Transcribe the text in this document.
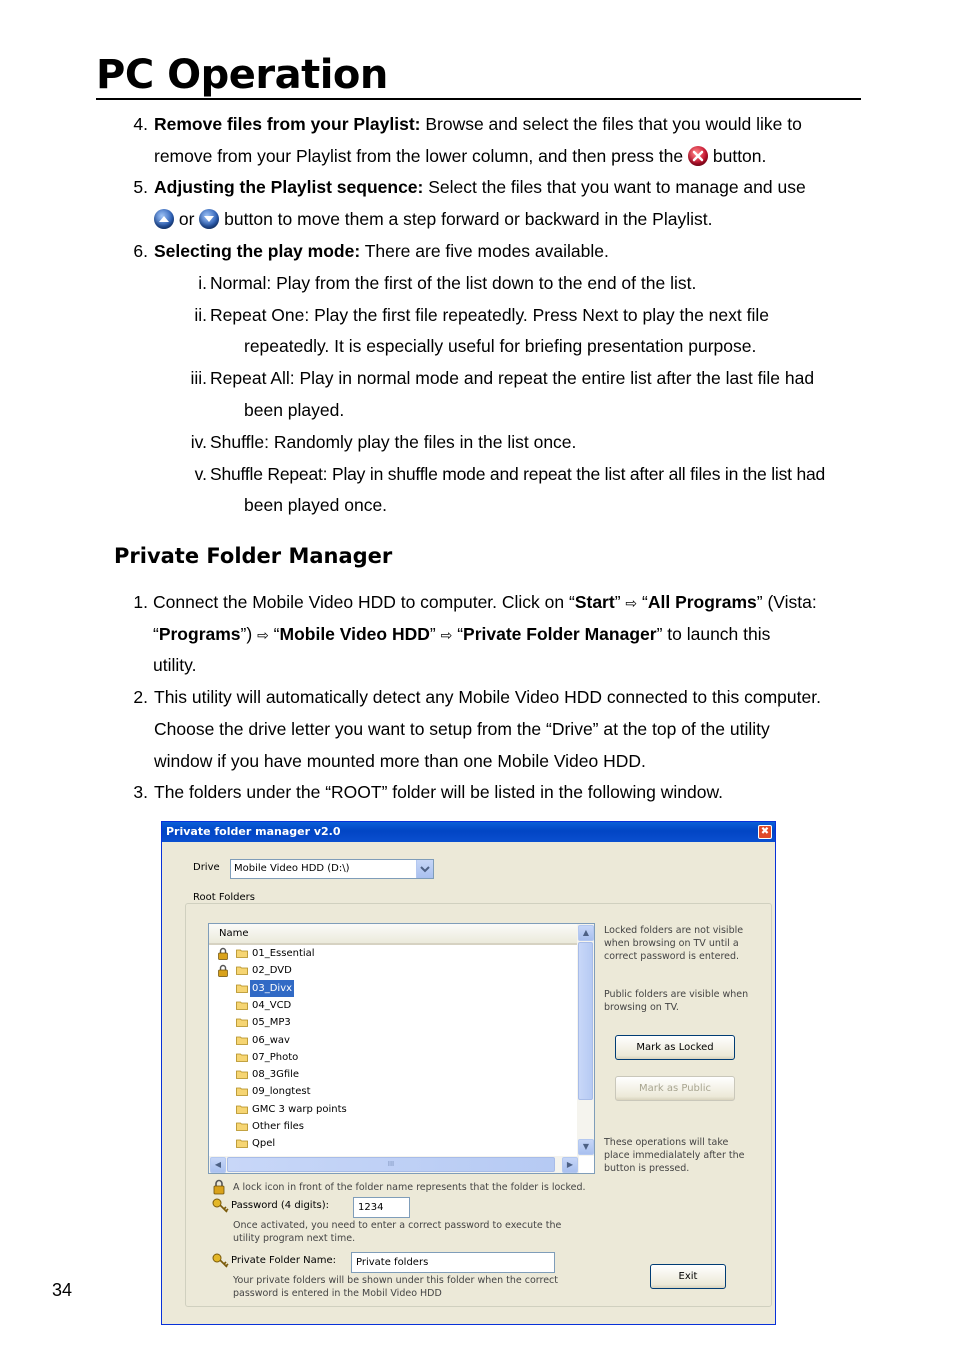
PC Operation
4. Remove files from your Playlist: Browse and select the files that you would like to
remove from your Playlist from the lower column, and then press the
button.
5. Adjusting the Playlist sequence: Select the files that you want to manage and use
or
button to move them a step forward or backward in the Playlist.
6. Selecting the play mode: There are five modes available.
i. Normal: Play from the first of the list down to the end of the list.
ii. Repeat One: Play the first file repeatedly. Press Next to play the next file
repeatedly. It is especially useful for briefing presentation purpose.
iii. Repeat All: Play in normal mode and repeat the entire list after the last file had
been played.
iv. Shuffle: Randomly play the files in the list once.
v. Shuffle Repeat: Play in shuffle mode and repeat the list after all files in the list had
been played once.
Private Folder Manager
1. Connect the Mobile Video HDD to computer. Click on “Start” ⇨ “All Programs” (Vista:
“Programs”) ⇨ “Mobile Video HDD” ⇨ “Private Folder Manager” to launch this
utility.
2. This utility will automatically detect any Mobile Video HDD connected to this computer.
Choose the drive letter you want to setup from the “Drive” at the top of the utility
window if you have mounted more than one Mobile Video HDD.
3. The folders under the “ROOT” folder will be listed in the following window.
Private folder manager v2.0	✖
Drive Mobile Video HDD (D:\)
Root Folders
Name
01_Essential
02_DVD
03_Divx
04_VCD
05_MP3
06_wav
07_Photo
08_3Gfile
09_longtest
GMC 3 warp points
Other files
Qpel
▲
▼
◀	III	▶
Locked folders are not visible when browsing on TV until a correct password is entered.
Public folders are visible when browsing on TV.
Mark as Locked
Mark as Public
These operations will take place immedialately after the button is pressed.
A lock icon in front of the folder name represents that the folder is locked.
Password (4 digits):	1234
Once activated, you need to enter a correct password to execute the
utility program next time.
Private Folder Name:	Private folders
Your private folders will be shown under this folder when the correct
password is entered in the Mobil Video HDD
Exit
34
